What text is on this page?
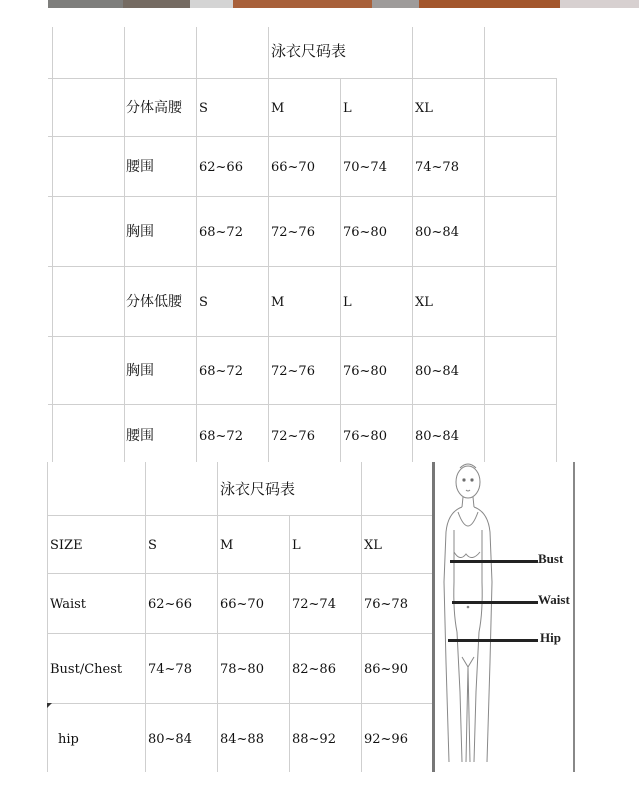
泳衣尺码表
分体高腰 S	M	L	XL
腰围	62~66 66~70 70~74 74~78
胸围	68~72 72~76 76~80 80~84
分体低腰 S	M	L	XL
胸围	68~72 72~76 76~80 80~84
腰围	68~72 72~76 76~80 80~84
泳衣尺码表
SIZE	S	M	L	XL
Waist	62~66 66~70 72~74 76~78
Bust/Chest 74~78 78~80 82~86 86~90
hip	80~84 84~88 88~92 92~96
Bust
Waist
Hip
